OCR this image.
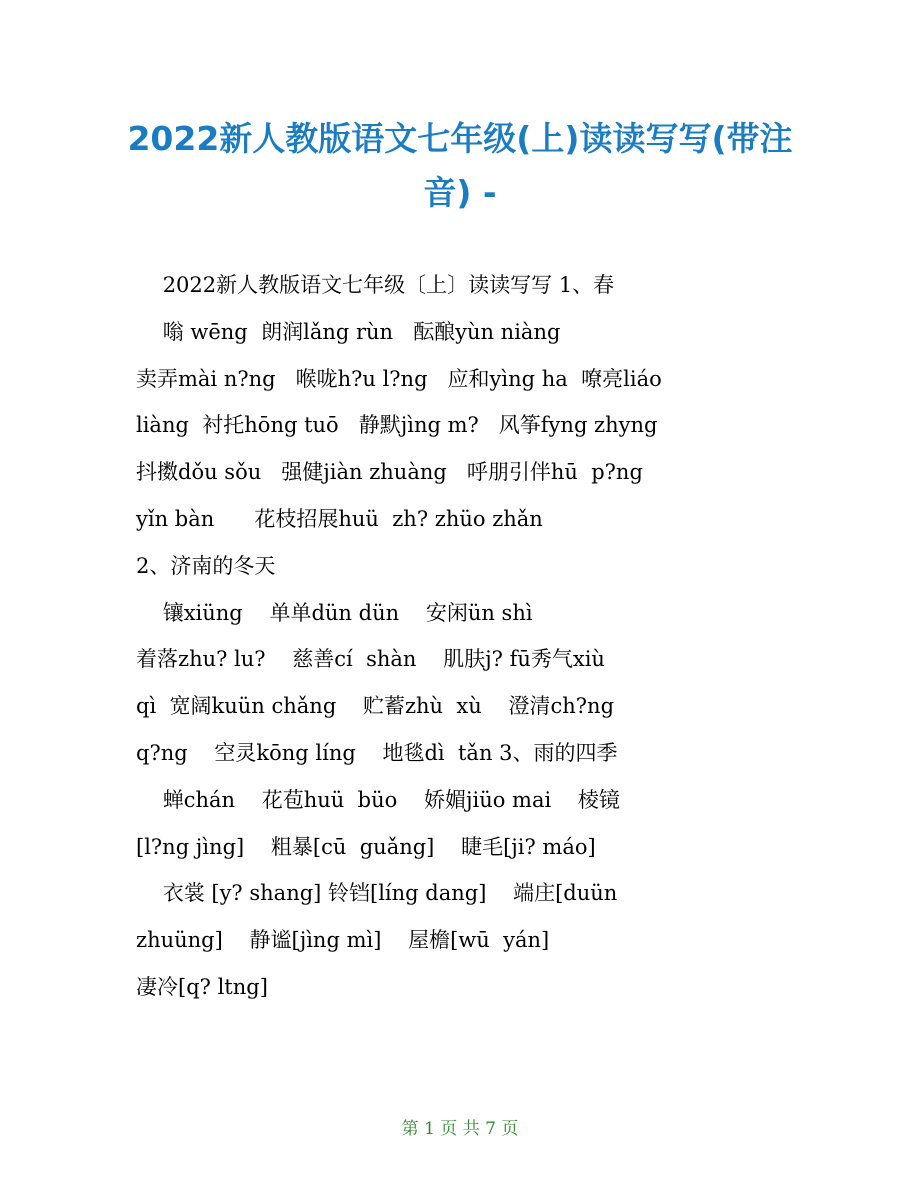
2022新人教版语文七年级(上)读读写写(带注音) -
2022新人教版语文七年级〔上〕读读写写 1、春
嗡 wēng  朗润lǎng rùn   酝酿yùn niàng
卖弄mài n?ng   喉咙h?u l?ng   应和yìng ha  嘹亮liáo
liàng  衬托hōng tuō   静默jìng m?   风筝fyng zhyng
抖擞dǒu sǒu   强健jiàn zhuàng   呼朋引伴hū  p?ng
yǐn bàn      花枝招展huü  zh? zhüo zhǎn
2、济南的冬天
镶xiüng    单单dün dün    安闲ün shì
着落zhu? lu?    慈善cí  shàn    肌肤j? fū秀气xiù
qì  宽阔kuün chǎng    贮蓄zhù  xù    澄清ch?ng
q?ng    空灵kōng líng    地毯dì  tǎn 3、雨的四季
蝉chán    花苞huü  büo    娇媚jiüo mai    棱镜
[l?ng jìng]    粗暴[cū  guǎng]    睫毛[ji? máo]
衣裳 [y? shang] 铃铛[líng dang]    端庄[duün
zhuüng]    静谧[jìng mì]    屋檐[wū  yán]
凄冷[q? ltng]
第 1 页 共 7 页
